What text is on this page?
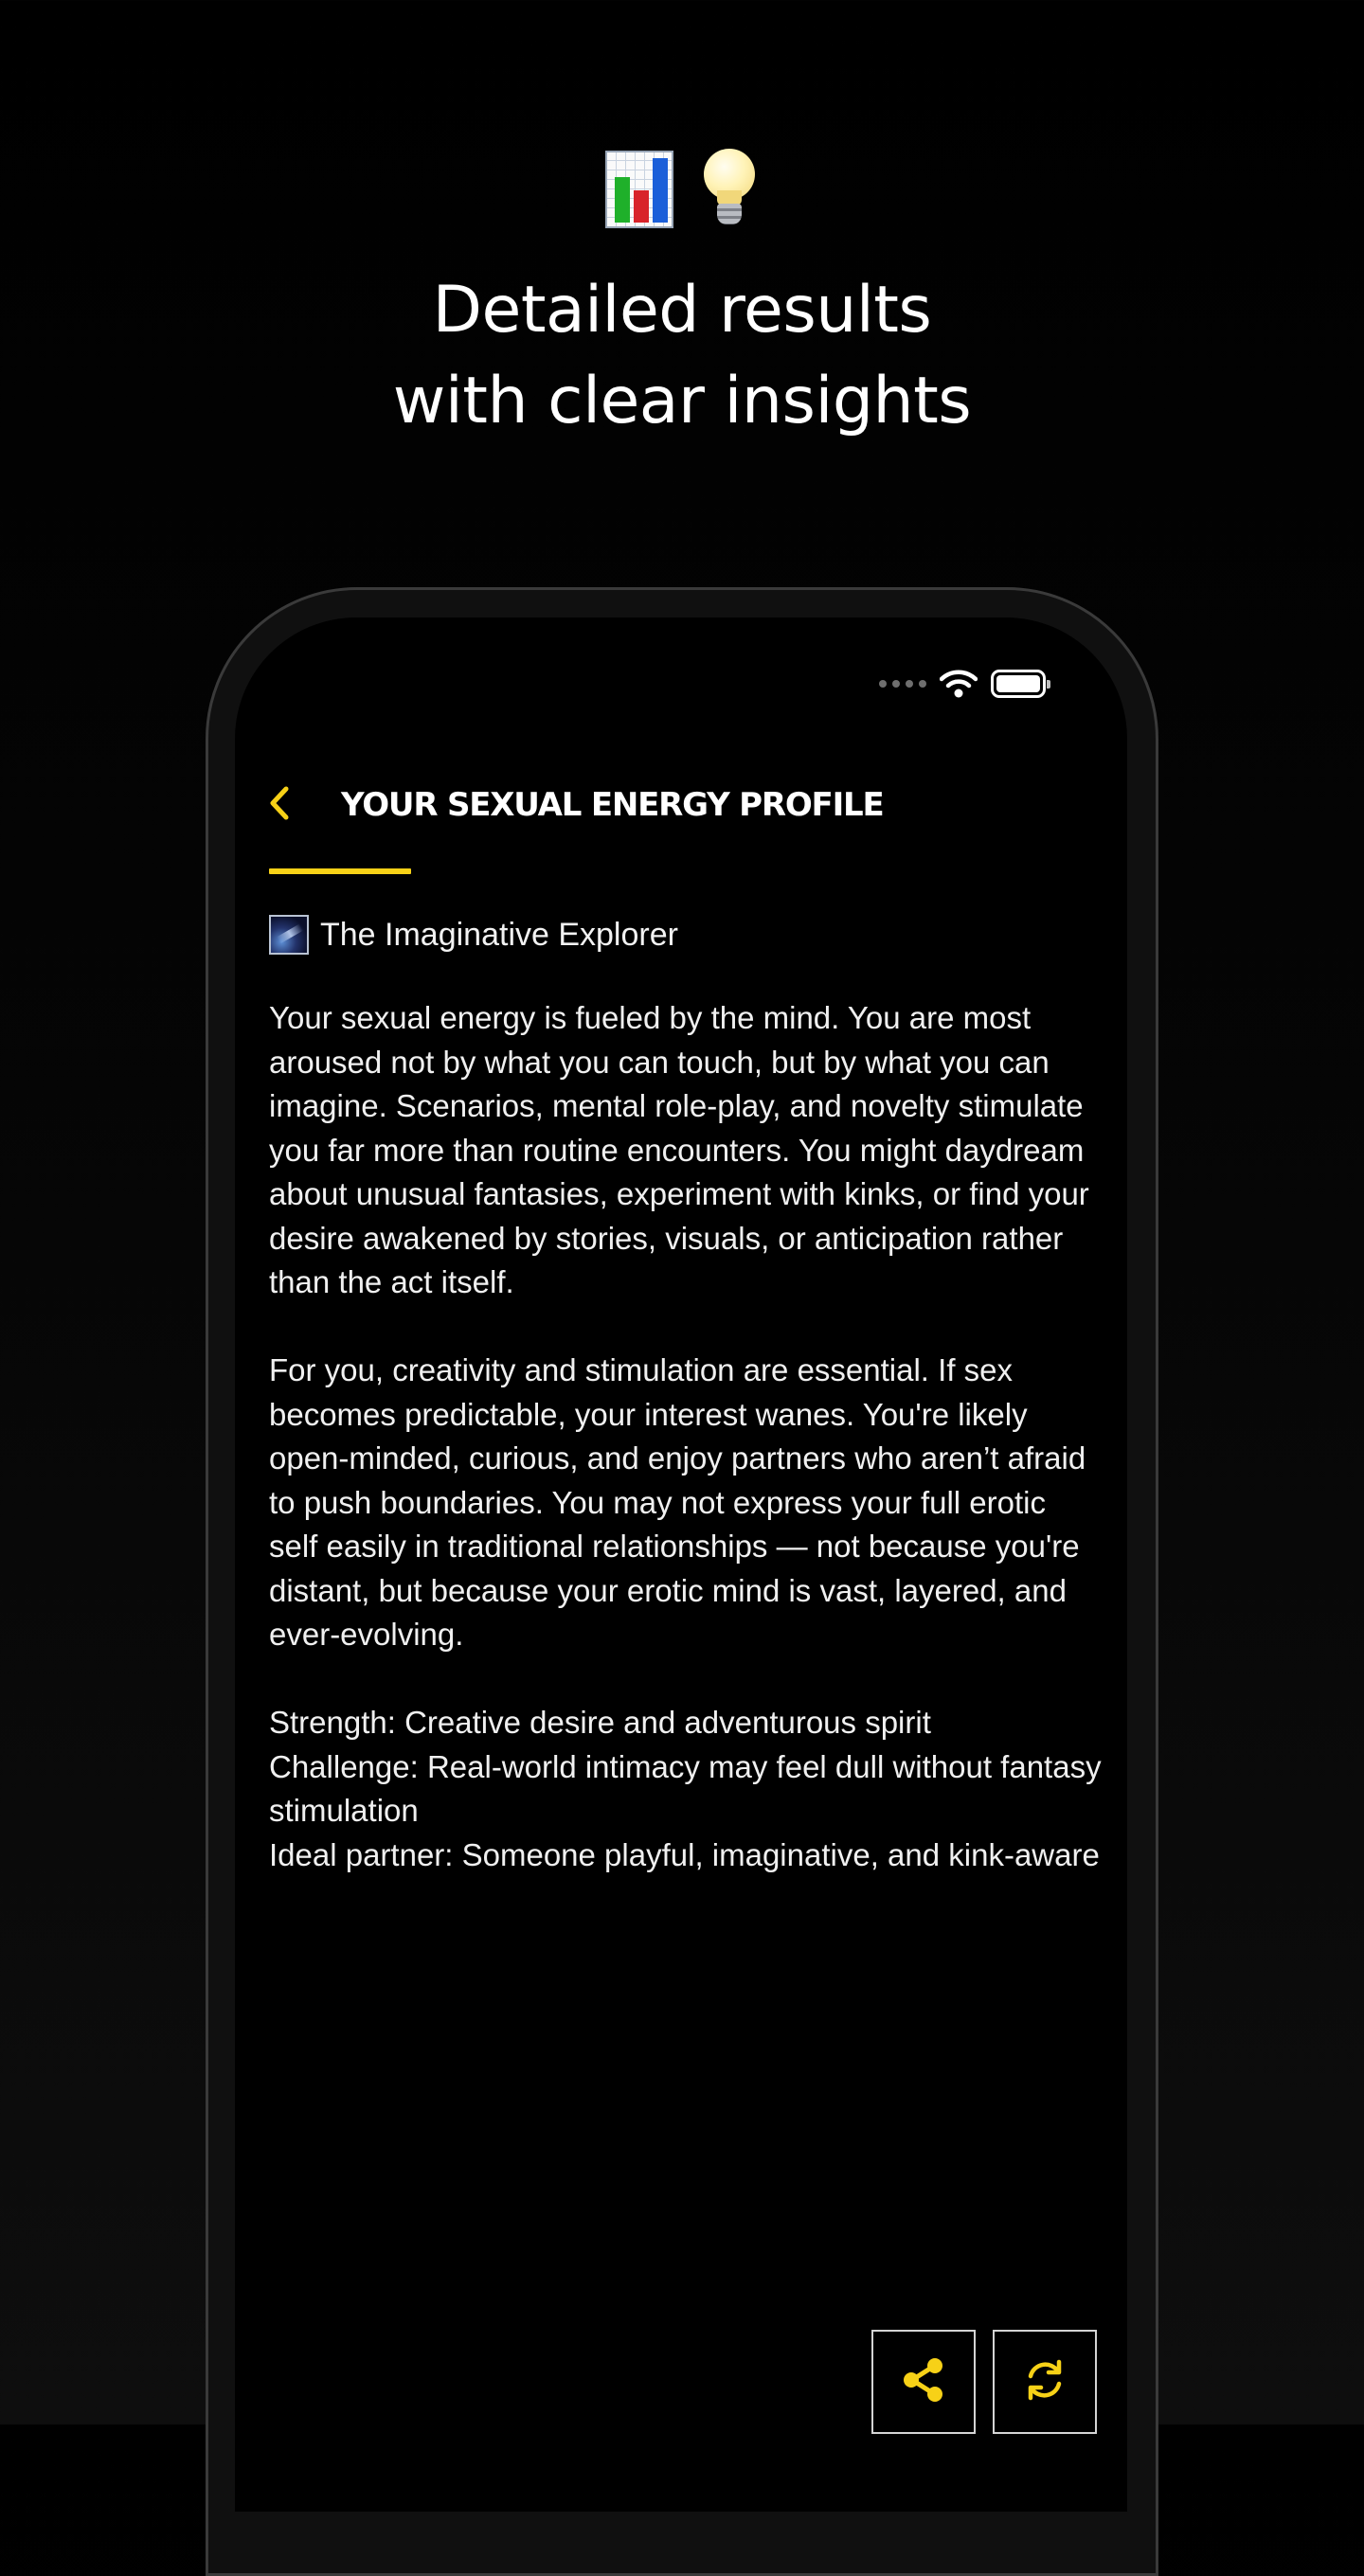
Detailed results
with clear insights
YOUR SEXUAL ENERGY PROFILE
The Imaginative Explorer

Your sexual energy is fueled by the mind. You are most aroused not by what you can touch, but by what you can imagine. Scenarios, mental role-play, and novelty stimulate you far more than routine encounters. You might daydream about unusual fantasies, experiment with kinks, or find your desire awakened by stories, visuals, or anticipation rather than the act itself.

For you, creativity and stimulation are essential. If sex becomes predictable, your interest wanes. You're likely open-minded, curious, and enjoy partners who aren’t afraid to push boundaries. You may not express your full erotic self easily in traditional relationships — not because you're distant, but because your erotic mind is vast, layered, and ever-evolving.

Strength: Creative desire and adventurous spirit
Challenge: Real-world intimacy may feel dull without fantasy stimulation
Ideal partner: Someone playful, imaginative, and kink-aware
